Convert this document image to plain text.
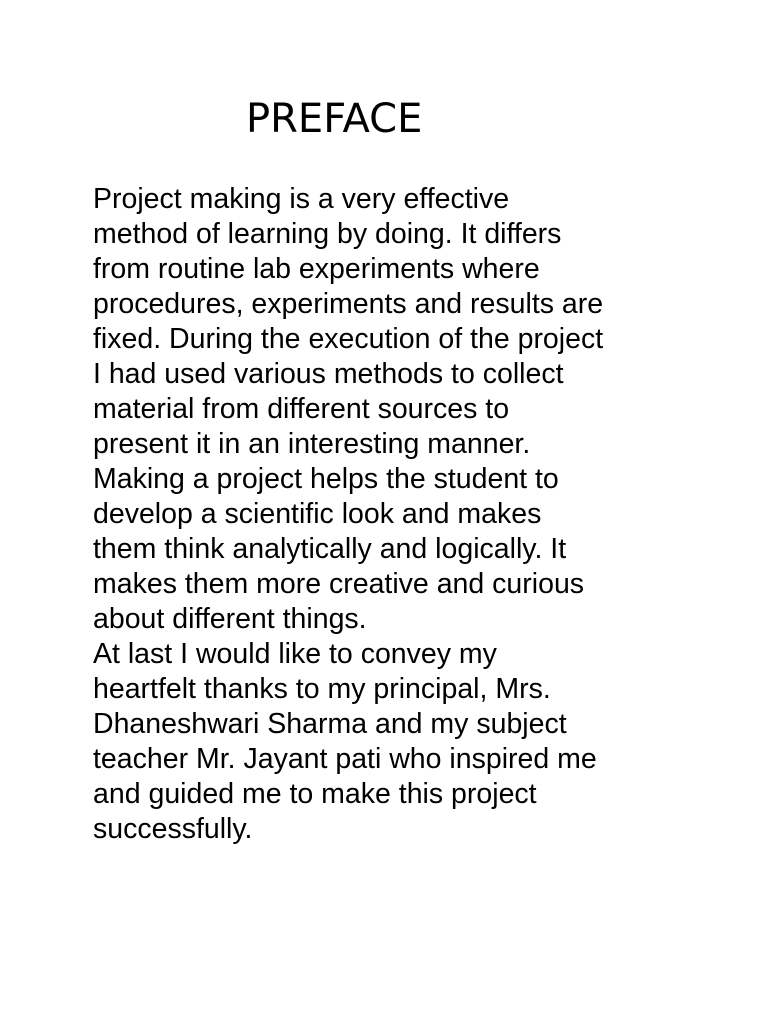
PREFACE
Project making is a very effective
method of learning by doing. It differs
from routine lab experiments where
procedures, experiments and results are
fixed. During the execution of the project
I had used various methods to collect
material from different sources to
present it in an interesting manner.
Making a project helps the student to
develop a scientific look and makes
them think analytically and logically. It
makes them more creative and curious
about different things.
At last I would like to convey my
heartfelt thanks to my principal, Mrs.
Dhaneshwari Sharma and my subject
teacher Mr. Jayant pati who inspired me
and guided me to make this project
successfully.
